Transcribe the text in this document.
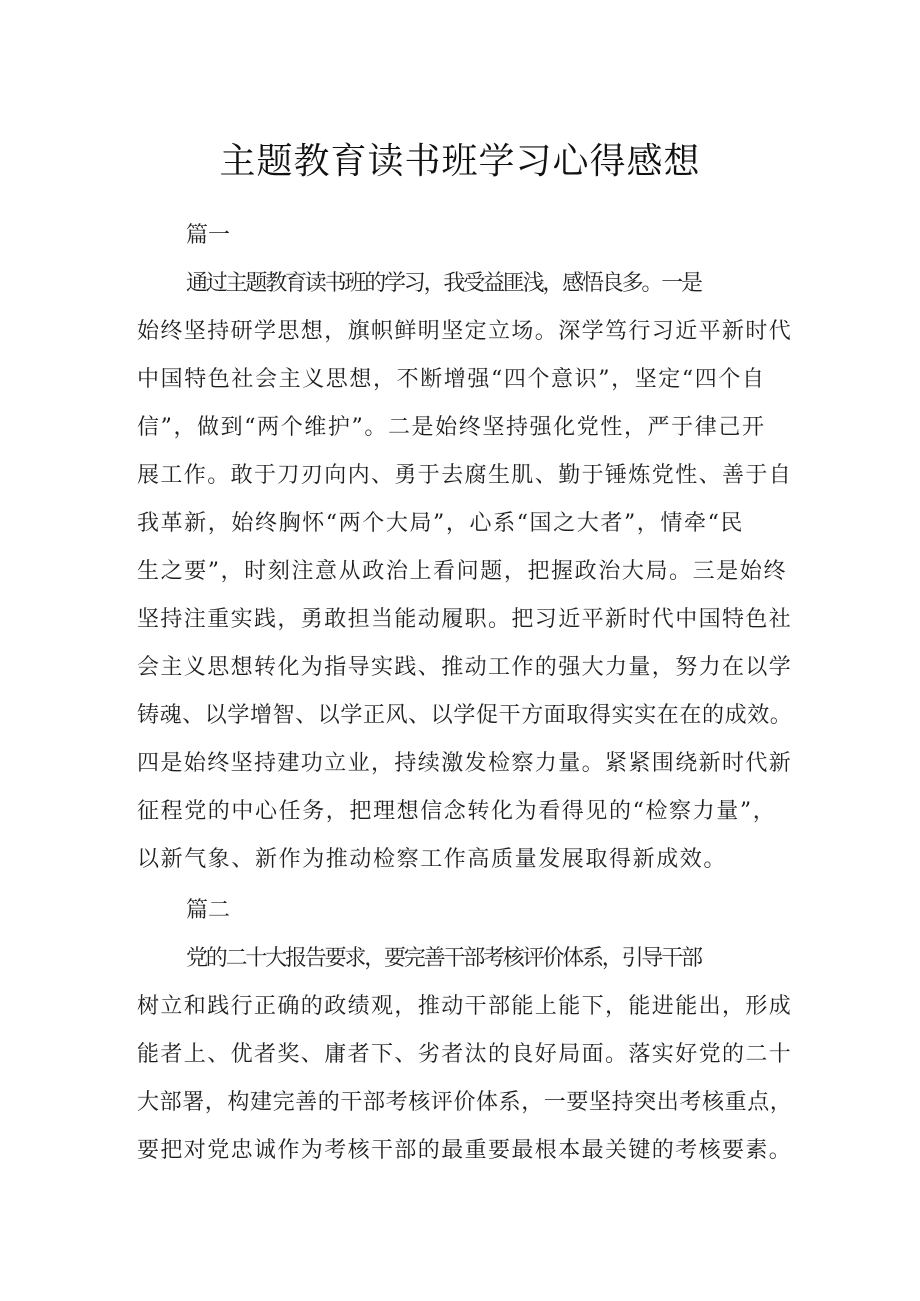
主题教育读书班学习心得感想
篇一
通过主题教育读书班的学习，我受益匪浅，感悟良多。一是
始终坚持研学思想，旗帜鲜明坚定立场。深学笃行习近平新时代
中国特色社会主义思想，不断增强“四个意识”，坚定“四个自
信”，做到“两个维护”。二是始终坚持强化党性，严于律己开
展工作。敢于刀刃向内、勇于去腐生肌、勤于锤炼党性、善于自
我革新，始终胸怀“两个大局”，心系“国之大者”，情牵“民
生之要”，时刻注意从政治上看问题，把握政治大局。三是始终
坚持注重实践，勇敢担当能动履职。把习近平新时代中国特色社
会主义思想转化为指导实践、推动工作的强大力量，努力在以学
铸魂、以学增智、以学正风、以学促干方面取得实实在在的成效。
四是始终坚持建功立业，持续激发检察力量。紧紧围绕新时代新
征程党的中心任务，把理想信念转化为看得见的“检察力量”，
以新气象、新作为推动检察工作高质量发展取得新成效。
篇二
党的二十大报告要求，要完善干部考核评价体系，引导干部
树立和践行正确的政绩观，推动干部能上能下，能进能出，形成
能者上、优者奖、庸者下、劣者汰的良好局面。落实好党的二十
大部署，构建完善的干部考核评价体系，一要坚持突出考核重点，
要把对党忠诚作为考核干部的最重要最根本最关键的考核要素。
